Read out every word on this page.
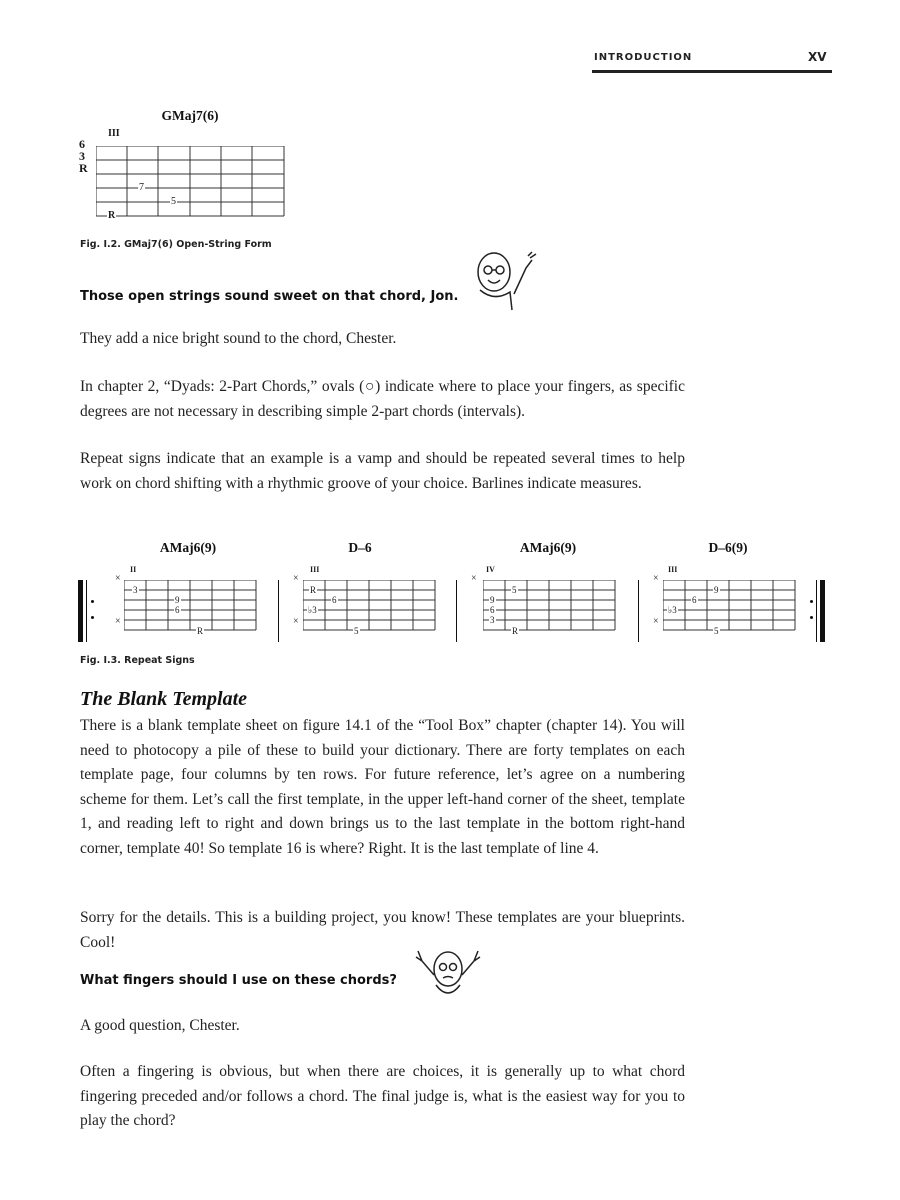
INTRODUCTION	XV
GMaj7(6)
III
6
3
R
7
5
R
Fig. I.2. GMaj7(6) Open-String Form
Those open strings sound sweet on that chord, Jon.
They add a nice bright sound to the chord, Chester.
In chapter 2, “Dyads: 2-Part Chords,” ovals (○) indicate where to place your fingers, as specific degrees are not necessary in describing simple 2-part chords (intervals).
Repeat signs indicate that an example is a vamp and should be repeated several times to help work on chord shifting with a rhythmic groove of your choice. Barlines indicate measures.
AMaj6(9)
II
×
×
3
9
6
R
D–6
III
×
×
R
6
♭3
5
AMaj6(9)
IV
×
5
9
6
3
R
D–6(9)
III
×
×
9
6
♭3
5
Fig. I.3. Repeat Signs
The Blank Template
There is a blank template sheet on figure 14.1 of the “Tool Box” chapter (chapter 14). You will need to photocopy a pile of these to build your dictionary. There are forty templates on each template page, four columns by ten rows. For future reference, let’s agree on a numbering scheme for them. Let’s call the first template, in the upper left-hand corner of the sheet, template 1, and reading left to right and down brings us to the last template in the bottom right-hand corner, template 40! So template 16 is where? Right. It is the last template of line 4.
Sorry for the details. This is a building project, you know! These templates are your blueprints. Cool!
What fingers should I use on these chords?
A good question, Chester.
Often a fingering is obvious, but when there are choices, it is generally up to what chord fingering preceded and/or follows a chord. The final judge is, what is the easiest way for you to play the chord?
